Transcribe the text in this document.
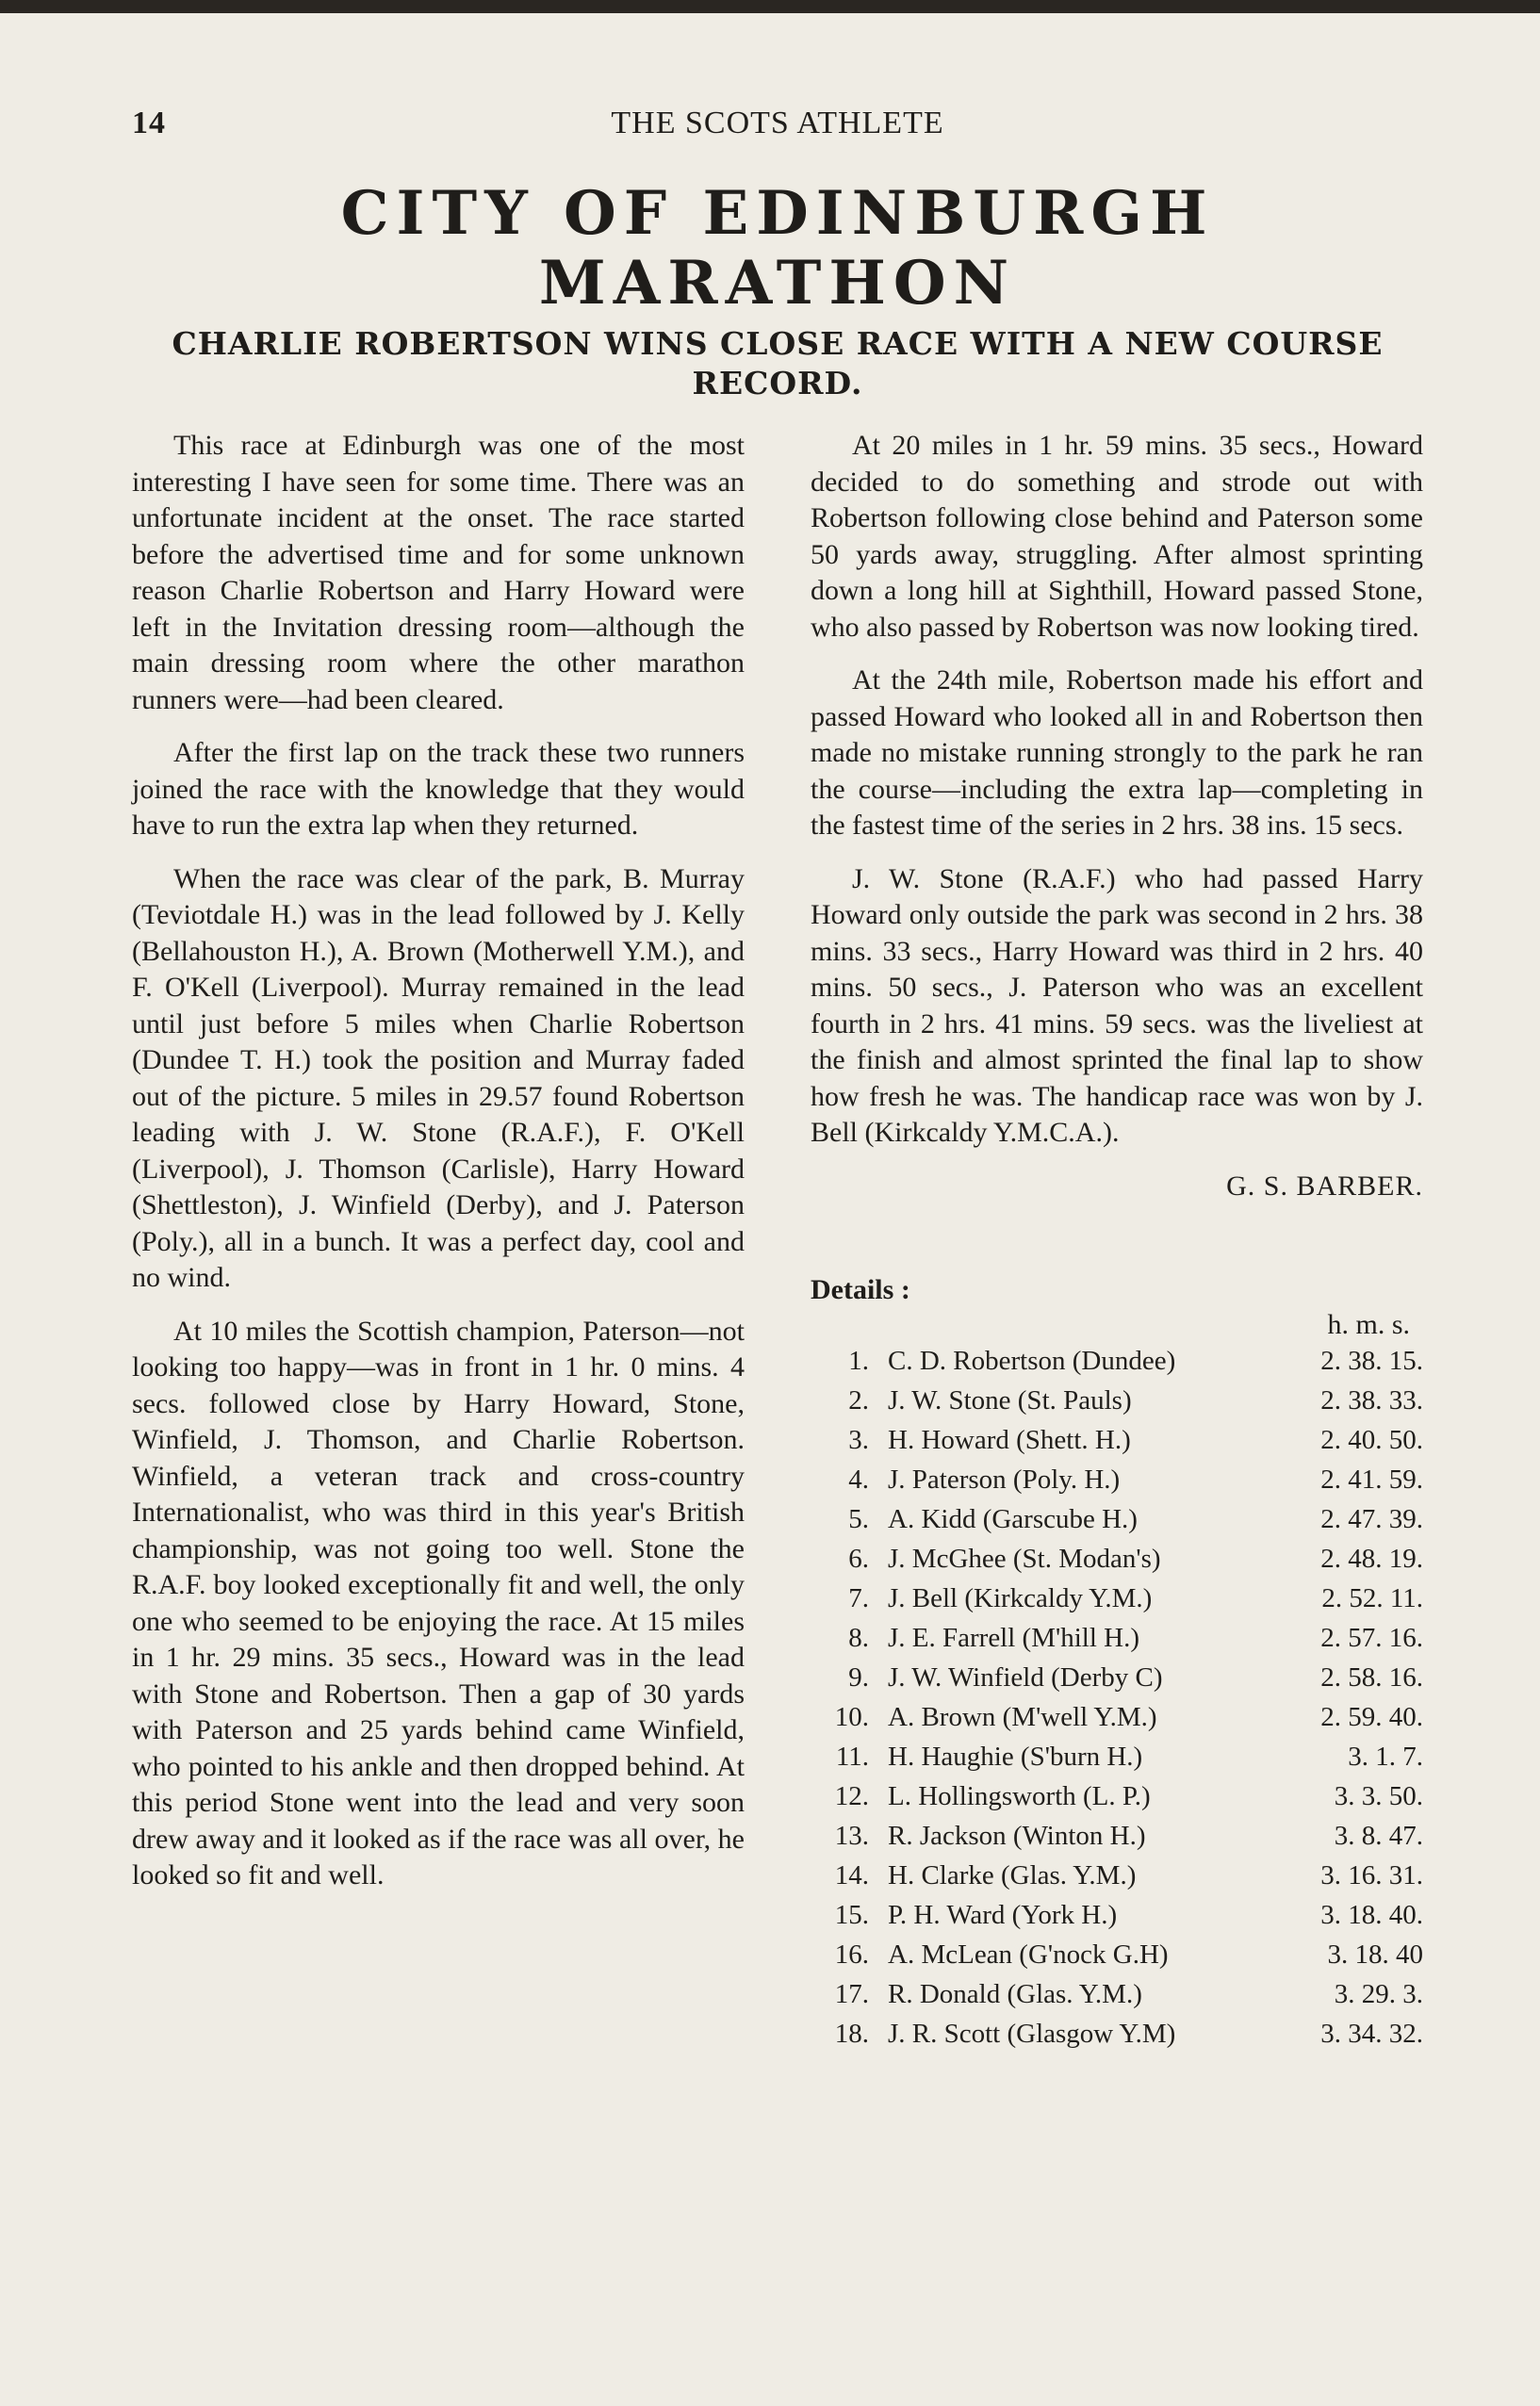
14	THE SCOTS ATHLETE
CITY OF EDINBURGH
MARATHON
CHARLIE ROBERTSON WINS CLOSE RACE WITH A NEW COURSE RECORD.

This race at Edinburgh was one of the most interesting I have seen for some time. There was an unfortunate incident at the onset. The race started before the advertised time and for some unknown reason Charlie Robertson and Harry Howard were left in the Invitation dressing room—although the main dressing room where the other marathon runners were—had been cleared.

After the first lap on the track these two runners joined the race with the knowledge that they would have to run the extra lap when they returned.

When the race was clear of the park, B. Murray (Teviotdale H.) was in the lead followed by J. Kelly (Bellahouston H.), A. Brown (Motherwell Y.M.), and F. O'Kell (Liverpool). Murray remained in the lead until just before 5 miles when Charlie Robertson (Dundee T. H.) took the position and Murray faded out of the picture. 5 miles in 29.57 found Robertson leading with J. W. Stone (R.A.F.), F. O'Kell (Liverpool), J. Thomson (Carlisle), Harry Howard (Shettleston), J. Winfield (Derby), and J. Paterson (Poly.), all in a bunch. It was a perfect day, cool and no wind.

At 10 miles the Scottish champion, Paterson—not looking too happy—was in front in 1 hr. 0 mins. 4 secs. followed close by Harry Howard, Stone, Winfield, J. Thomson, and Charlie Robertson. Winfield, a veteran track and cross-country Internationalist, who was third in this year's British championship, was not going too well. Stone the R.A.F. boy looked exceptionally fit and well, the only one who seemed to be enjoying the race. At 15 miles in 1 hr. 29 mins. 35 secs., Howard was in the lead with Stone and Robertson. Then a gap of 30 yards with Paterson and 25 yards behind came Winfield, who pointed to his ankle and then dropped behind. At this period Stone went into the lead and very soon drew away and it looked as if the race was all over, he looked so fit and well.

At 20 miles in 1 hr. 59 mins. 35 secs., Howard decided to do something and strode out with Robertson following close behind and Paterson some 50 yards away, struggling. After almost sprinting down a long hill at Sighthill, Howard passed Stone, who also passed by Robertson was now looking tired.

At the 24th mile, Robertson made his effort and passed Howard who looked all in and Robertson then made no mistake running strongly to the park he ran the course—including the extra lap—completing in the fastest time of the series in 2 hrs. 38 ins. 15 secs.

J. W. Stone (R.A.F.) who had passed Harry Howard only outside the park was second in 2 hrs. 38 mins. 33 secs., Harry Howard was third in 2 hrs. 40 mins. 50 secs., J. Paterson who was an excellent fourth in 2 hrs. 41 mins. 59 secs. was the liveliest at the finish and almost sprinted the final lap to show how fresh he was. The handicap race was won by J. Bell (Kirkcaldy Y.M.C.A.).

G. S. BARBER.
Details :
h. m. s.
1.	C. D. Robertson (Dundee)	2. 38. 15.
2.	J. W. Stone (St. Pauls)	2. 38. 33.
3.	H. Howard (Shett. H.)	2. 40. 50.
4.	J. Paterson (Poly. H.)	2. 41. 59.
5.	A. Kidd (Garscube H.)	2. 47. 39.
6.	J. McGhee (St. Modan's)	2. 48. 19.
7.	J. Bell (Kirkcaldy Y.M.)	2. 52. 11.
8.	J. E. Farrell (M'hill H.)	2. 57. 16.
9.	J. W. Winfield (Derby C)	2. 58. 16.
10.	A. Brown (M'well Y.M.)	2. 59. 40.
11.	H. Haughie (S'burn H.)	3. 1. 7.
12.	L. Hollingsworth (L. P.)	3. 3. 50.
13.	R. Jackson (Winton H.)	3. 8. 47.
14.	H. Clarke (Glas. Y.M.)	3. 16. 31.
15.	P. H. Ward (York H.)	3. 18. 40.
16.	A. McLean (G'nock G.H)	3. 18. 40
17.	R. Donald (Glas. Y.M.)	3. 29. 3.
18.	J. R. Scott (Glasgow Y.M)	3. 34. 32.
